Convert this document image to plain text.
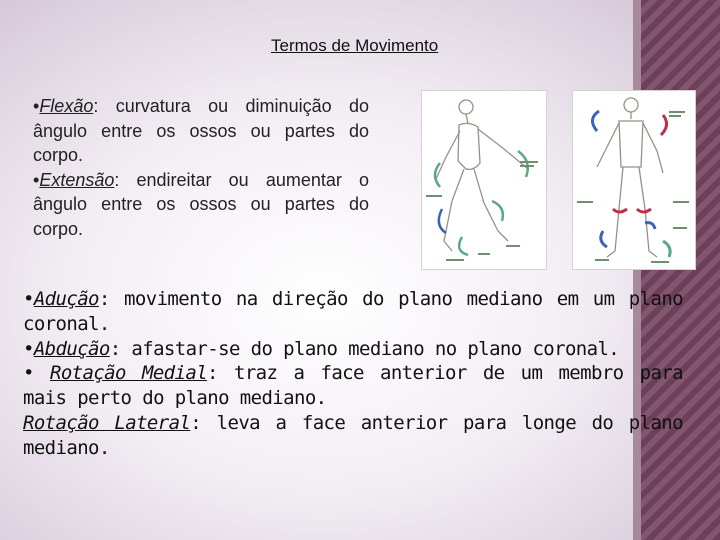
Termos de Movimento

•Flexão: curvatura ou diminuição do ângulo entre os ossos ou partes do corpo.
•Extensão: endireitar ou aumentar o ângulo entre os ossos ou partes do corpo.

•Adução: movimento na direção do plano mediano em um plano coronal.
•Abdução: afastar-se do plano mediano no plano coronal.
• Rotação Medial: traz a face anterior de um membro para mais perto do plano mediano.
Rotação Lateral: leva a face anterior para longe do plano mediano.
